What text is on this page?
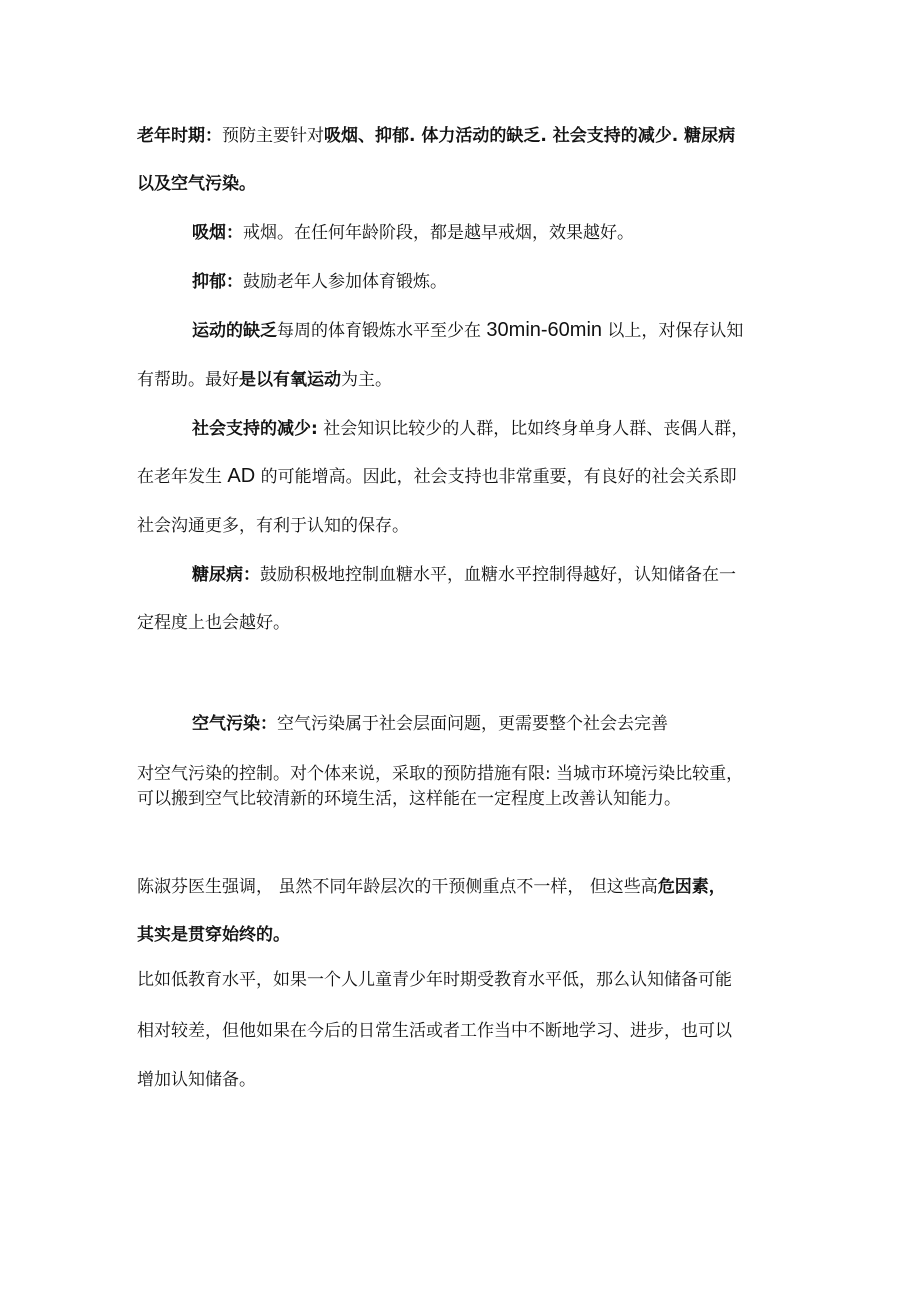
老年时期：预防主要针对吸烟、抑郁. 体力活动的缺乏. 社会支持的减少. 糖尿病
以及空气污染。
吸烟：戒烟。在任何年龄阶段，都是越早戒烟，效果越好。
抑郁：鼓励老年人参加体育锻炼。
运动的缺乏每周的体育锻炼水平至少在 30min-60min 以上，对保存认知
有帮助。最好是以有氧运动为主。
社会支持的减少: 社会知识比较少的人群，比如终身单身人群、丧偶人群，
在老年发生 AD 的可能增高。因此，社会支持也非常重要，有良好的社会关系即
社会沟通更多，有利于认知的保存。
糖尿病：鼓励积极地控制血糖水平，血糖水平控制得越好，认知储备在一
定程度上也会越好。
空气污染：空气污染属于社会层面问题，更需要整个社会去完善
对空气污染的控制。对个体来说，采取的预防措施有限: 当城市环境污染比较重，
可以搬到空气比较清新的环境生活，这样能在一定程度上改善认知能力。
陈淑芬医生强调， 虽然不同年龄层次的干预侧重点不一样， 但这些高危因素，
其实是贯穿始终的。
比如低教育水平，如果一个人儿童青少年时期受教育水平低，那么认知储备可能
相对较差，但他如果在今后的日常生活或者工作当中不断地学习、进步，也可以
增加认知储备。
